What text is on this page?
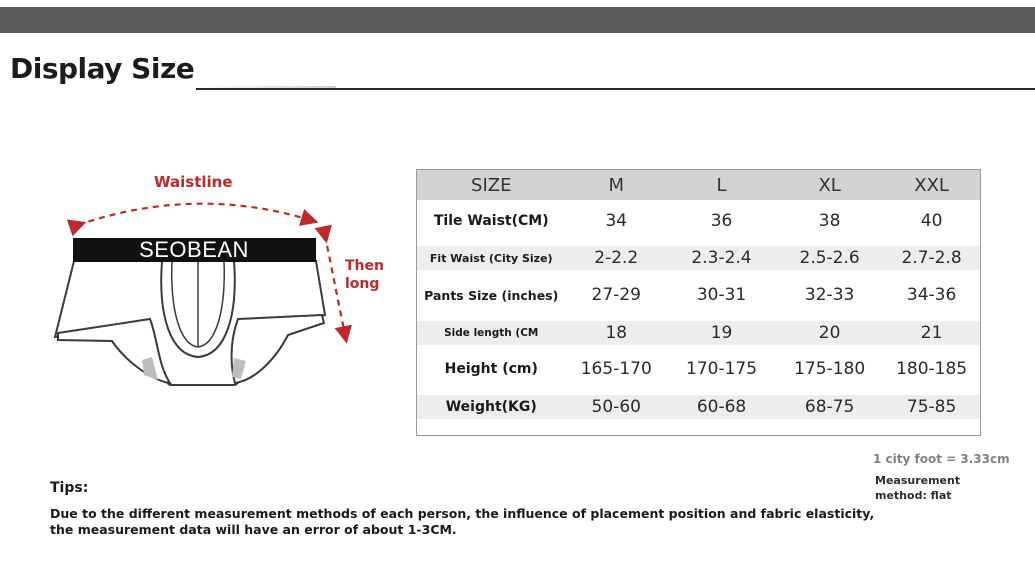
Display Size
Waistline
Then
long
SEOBEAN
SIZE	M	L	XL	XXL
Tile Waist(CM)	34	36	38	40
Fit Waist (City Size)	2-2.2	2.3-2.4	2.5-2.6	2.7-2.8
Pants Size (inches)	27-29	30-31	32-33	34-36
Side length (CM	18	19	20	21
Height (cm)	165-170	170-175	175-180	180-185
Weight(KG)	50-60	60-68	68-75	75-85

1 city foot = 3.33cm

Measurement method: flat

Tips:

Due to the different measurement methods of each person, the influence of placement position and fabric elasticity, the measurement data will have an error of about 1-3CM.
